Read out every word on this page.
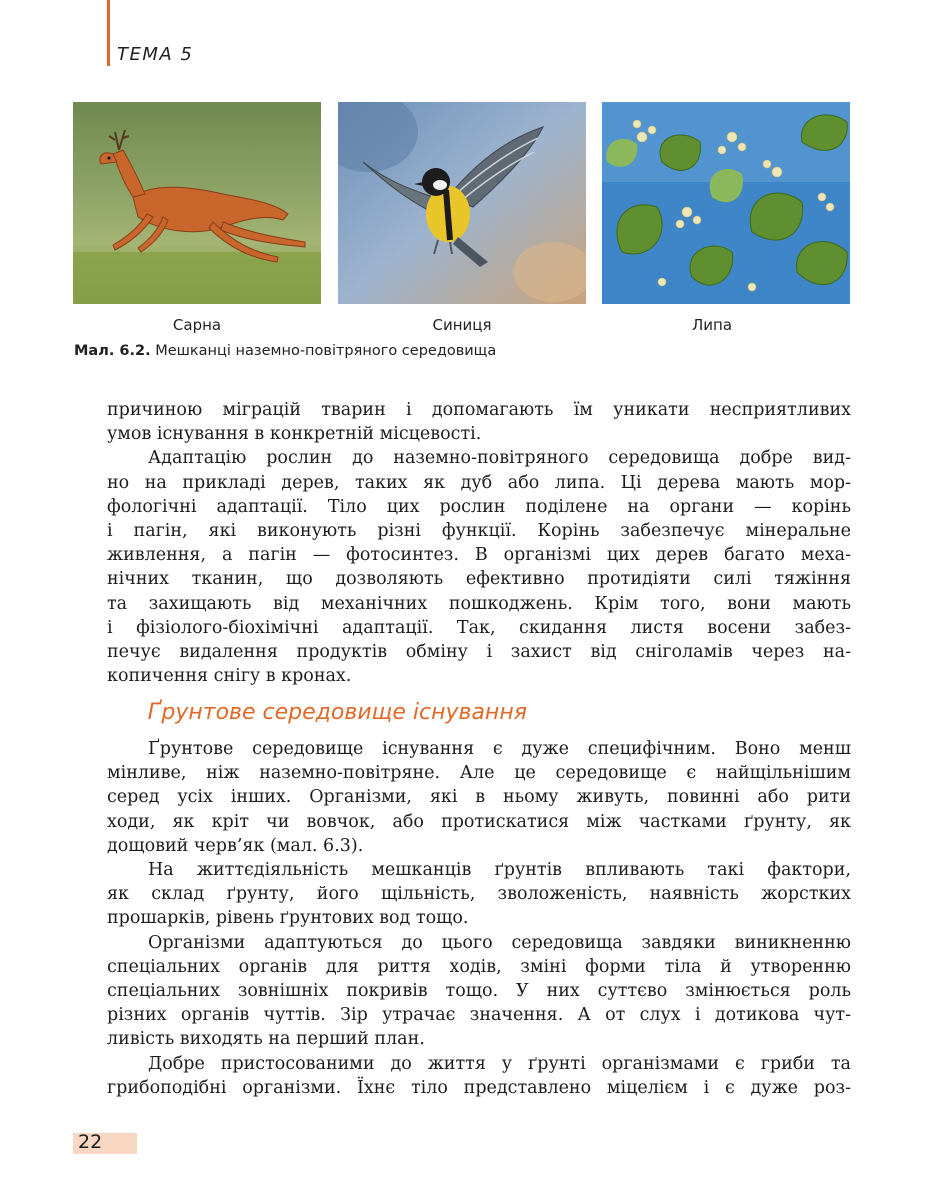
ТЕМА 5
Сарна	Синиця	Липа
Мал. 6.2. Мешканці наземно-повітряного середовища

причиною міграцій тварин і допомагають їм уникати несприятливих

умов існування в конкретній місцевості.

Адаптацію рослин до наземно-повітряного середовища добре вид-

но на прикладі дерев, таких як дуб або липа. Ці дерева мають мор-

фологічні адаптації. Тіло цих рослин поділене на органи — корінь

і пагін, які виконують різні функції. Корінь забезпечує мінеральне

живлення, а пагін — фотосинтез. В організмі цих дерев багато меха-

нічних тканин, що дозволяють ефективно протидіяти силі тяжіння

та захищають від механічних пошкоджень. Крім того, вони мають

і фізіолого-біохімічні адаптації. Так, скидання листя восени забез-

печує видалення продуктів обміну і захист від сніголамів через на-

копичення снігу в кронах.

Ґрунтове середовище існування

Ґрунтове середовище існування є дуже специфічним. Воно менш

мінливе, ніж наземно-повітряне. Але це середовище є найщільнішим

серед усіх інших. Організми, які в ньому живуть, повинні або рити

ходи, як кріт чи вовчок, або протискатися між частками ґрунту, як

дощовий черв’як (мал. 6.3).

На життєдіяльність мешканців ґрунтів впливають такі фактори,

як склад ґрунту, його щільність, зволоженість, наявність жорстких

прошарків, рівень ґрунтових вод тощо.

Організми адаптуються до цього середовища завдяки виникненню

спеціальних органів для риття ходів, зміні форми тіла й утворенню

спеціальних зовнішніх покривів тощо. У них суттєво змінюється роль

різних органів чуттів. Зір утрачає значення. А от слух і дотикова чут-

ливість виходять на перший план.

Добре пристосованими до життя у ґрунті організмами є гриби та

грибоподібні організми. Їхнє тіло представлено міцелієм і є дуже роз-

22
